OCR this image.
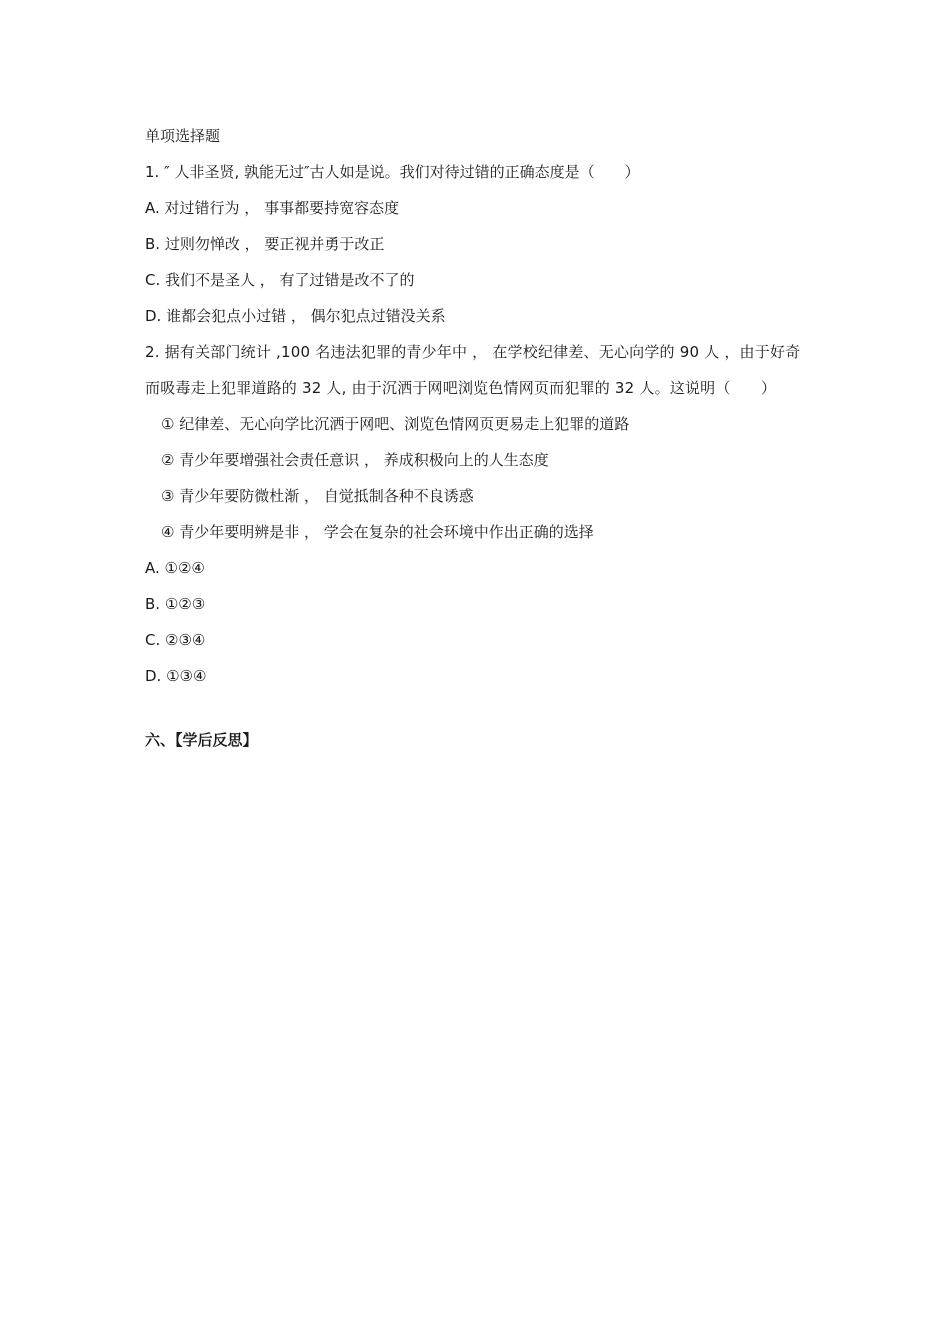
单项选择题
1. ″ 人非圣贤, 孰能无过″古人如是说。我们对待过错的正确态度是（　　）
A. 对过错行为 ， 事事都要持宽容态度
B. 过则勿惮改 ， 要正视并勇于改正
C. 我们不是圣人 ， 有了过错是改不了的
D. 谁都会犯点小过错 ， 偶尔犯点过错没关系
2. 据有关部门统计 ,100 名违法犯罪的青少年中 ， 在学校纪律差、无心向学的 90 人 ，由于好奇而吸毒走上犯罪道路的 32 人, 由于沉洒于网吧浏览色情网页而犯罪的 32 人。这说明（　　）
① 纪律差、无心向学比沉洒于网吧、浏览色情网页更易走上犯罪的道路
② 青少年要增强社会责任意识 ， 养成积极向上的人生态度
③ 青少年要防微杜渐 ， 自觉抵制各种不良诱惑
④ 青少年要明辨是非 ， 学会在复杂的社会环境中作出正确的选择
A. ①②④
B. ①②③
C. ②③④
D. ①③④
六、【学后反思】
